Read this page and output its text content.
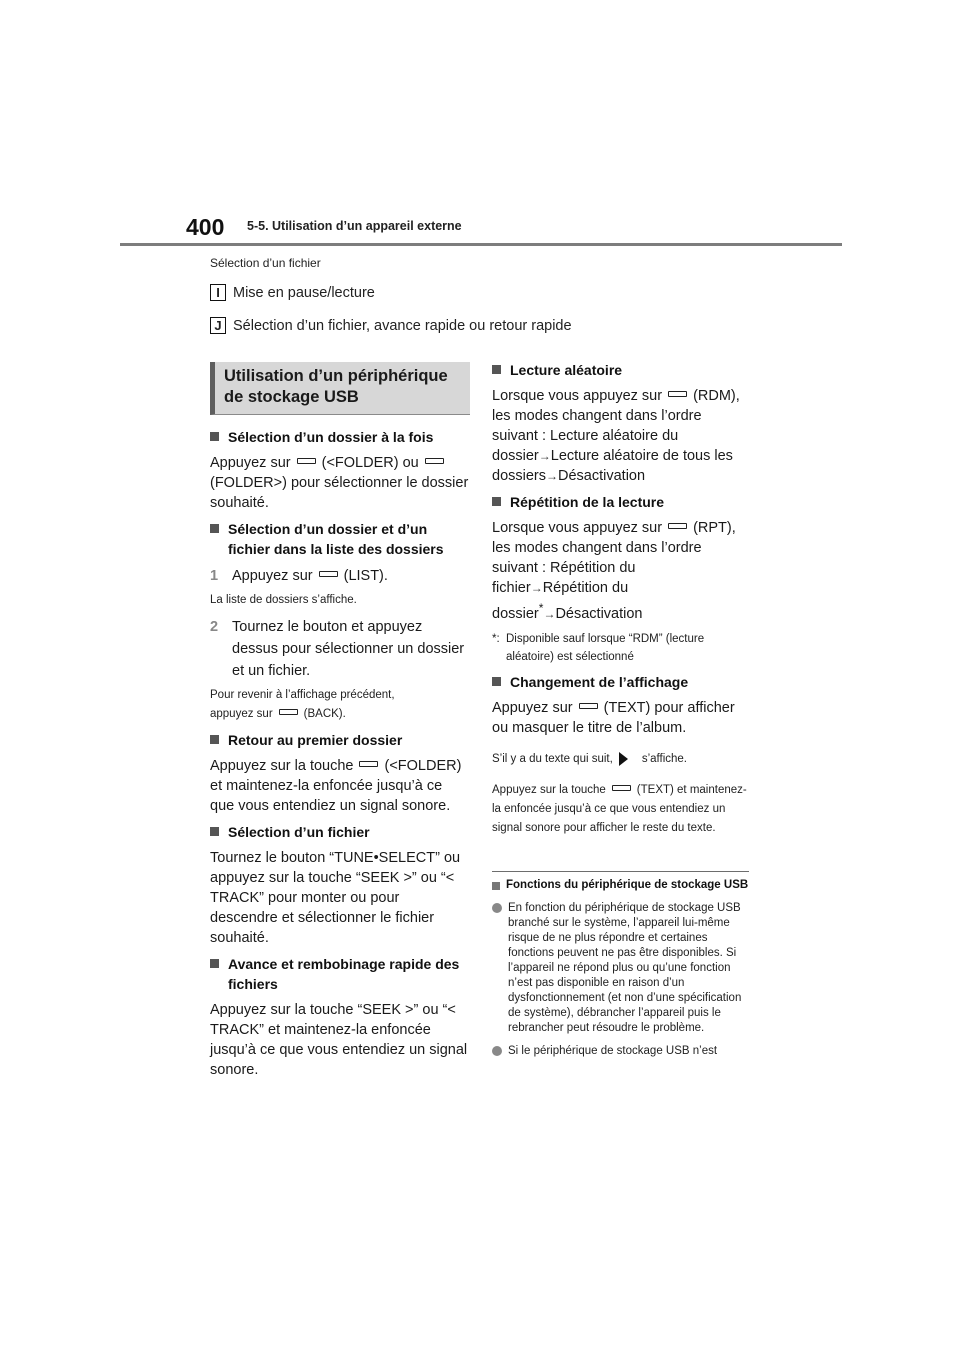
400 5-5. Utilisation d’un appareil externe
Sélection d’un fichier
I Mise en pause/lecture
J Sélection d’un fichier, avance rapide ou retour rapide
Utilisation d’un périphérique de stockage USB
Sélection d’un dossier à la fois

Appuyez sur (<FOLDER) ou(FOLDER>) pour sélectionner le dossier souhaité.

Sélection d’un dossier et d’un fichier dans la liste des dossiers
1 Appuyez sur (LIST).

La liste de dossiers s’affiche.

2 Tournez le bouton et appuyez dessus pour sélectionner un dossier et un fichier.

Pour revenir à l’affichage précédent,
appuyez sur	(BACK).

Retour au premier dossier

Appuyez sur la touche (<FOLDER) et maintenez-la enfoncée jusqu’à ce que vous entendiez un signal sonore.

Sélection d’un fichier

Tournez le bouton “TUNE•SELECT” ou appuyez sur la touche “SEEK >” ou “< TRACK” pour monter ou pour descendre et sélectionner le fichier souhaité.

Avance et rembobinage rapide des fichiers

Appuyez sur la touche “SEEK >” ou “< TRACK” et maintenez-la enfoncée jusqu’à ce que vous entendiez un signal sonore.

Lecture aléatoire

Lorsque vous appuyez sur (RDM), les modes changent dans l’ordre suivant : Lecture aléatoire du dossier→Lecture aléatoire de tous les dossiers→Désactivation

Répétition de la lecture

Lorsque vous appuyez sur (RPT), les modes changent dans l’ordre suivant : Répétition du fichier→Répétition du dossier*→Désactivation

*: Disponible sauf lorsque “RDM” (lecture aléatoire) est sélectionné
Changement de l’affichage

Appuyez sur (TEXT) pour afficher ou masquer le titre de l’album.

S’il y a du texte qui suit,	s’affiche.

Appuyez sur la touche	(TEXT) et maintenez-la enfoncée jusqu’à ce que vous entendiez un signal sonore pour afficher le reste du texte.

Fonctions du périphérique de stockage USB
En fonction du périphérique de stockage USB branché sur le système, l’appareil lui-même risque de ne plus répondre et certaines fonctions peuvent ne pas être disponibles. Si l’appareil ne répond plus ou qu’une fonction n’est pas disponible en raison d’un dysfonctionnement (et non d’une spécification de système), débrancher l’appareil puis le rebrancher peut résoudre le problème.
Si le périphérique de stockage USB n’est
